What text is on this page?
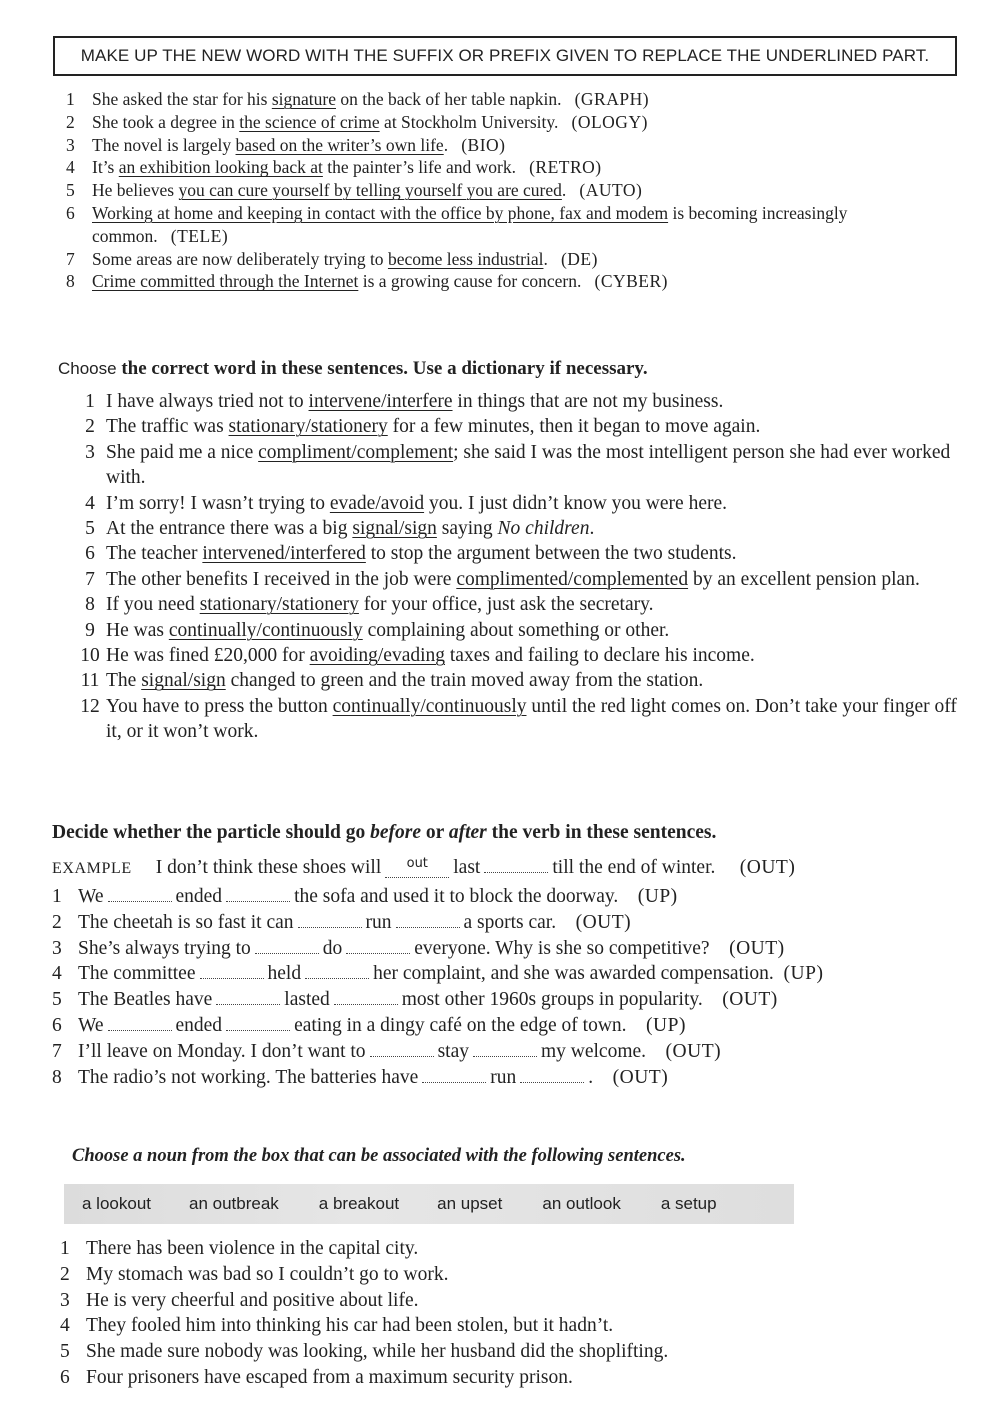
MAKE UP THE NEW WORD WITH THE SUFFIX OR PREFIX GIVEN TO REPLACE THE UNDERLINED PART.
1 She asked the star for his signature on the back of her table napkin. (GRAPH)
2 She took a degree in the science of crime at Stockholm University. (OLOGY)
3 The novel is largely based on the writer’s own life. (BIO)
4 It’s an exhibition looking back at the painter’s life and work. (RETRO)
5 He believes you can cure yourself by telling yourself you are cured. (AUTO)
6 Working at home and keeping in contact with the office by phone, fax and modem is becoming increasingly common. (TELE)
7 Some areas are now deliberately trying to become less industrial. (DE)
8 Crime committed through the Internet is a growing cause for concern. (CYBER)
Choose the correct word in these sentences. Use a dictionary if necessary.
1 I have always tried not to intervene/interfere in things that are not my business.
2 The traffic was stationary/stationery for a few minutes, then it began to move again.
3 She paid me a nice compliment/complement; she said I was the most intelligent person she had ever worked with.
4 I’m sorry! I wasn’t trying to evade/avoid you. I just didn’t know you were here.
5 At the entrance there was a big signal/sign saying No children.
6 The teacher intervened/interfered to stop the argument between the two students.
7 The other benefits I received in the job were complimented/complemented by an excellent pension plan.
8 If you need stationary/stationery for your office, just ask the secretary.
9 He was continually/continuously complaining about something or other.
10 He was fined £20,000 for avoiding/evading taxes and failing to declare his income.
11 The signal/sign changed to green and the train moved away from the station.
12 You have to press the button continually/continuously until the red light comes on. Don’t take your finger off it, or it won’t work.
Decide whether the particle should go before or after the verb in these sentences.
EXAMPLE I don’t think these shoes will out last	till the end of winter. (OUT)
1 We	ended	the sofa and used it to block the doorway. (UP)
2 The cheetah is so fast it can	run	a sports car. (OUT)
3 She’s always trying to	do	everyone. Why is she so competitive? (OUT)
4 The committee	held	her complaint, and she was awarded compensation. (UP)
5 The Beatles have	lasted	most other 1960s groups in popularity. (OUT)
6 We	ended	eating in a dingy café on the edge of town. (UP)
7 I’ll leave on Monday. I don’t want to	stay	my welcome. (OUT)
8 The radio’s not working. The batteries have	run	. (OUT)
Choose a noun from the box that can be associated with the following sentences.
a lookout an outbreak a breakout an upset an outlook a setup
1 There has been violence in the capital city.
2 My stomach was bad so I couldn’t go to work.
3 He is very cheerful and positive about life.
4 They fooled him into thinking his car had been stolen, but it hadn’t.
5 She made sure nobody was looking, while her husband did the shoplifting.
6 Four prisoners have escaped from a maximum security prison.
